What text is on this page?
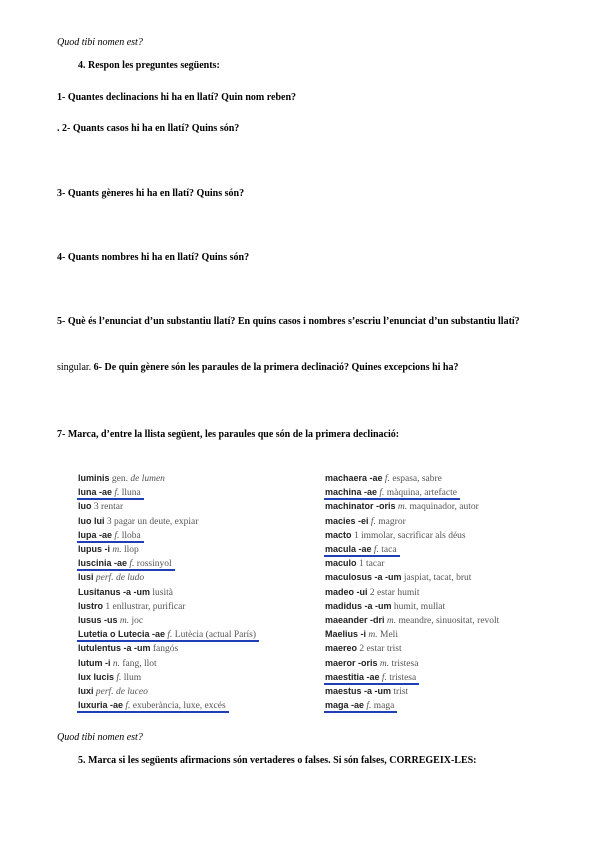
Quod tibi nomen est?
4. Respon les preguntes següents:
1- Quantes declinacions hi ha en llatí? Quin nom reben?
. 2- Quants casos hi ha en llatí? Quins són?
3- Quants gèneres hi ha en llatí? Quins són?
4- Quants nombres hi ha en llatí? Quins són?
5- Què és l’enunciat d’un substantiu llatí? En quins casos i nombres s’escriu l’enunciat d’un substantiu llatí?
singular. 6- De quin gènere són les paraules de la primera declinació? Quines excepcions hi ha?
7- Marca, d’entre la llista següent, les paraules que són de la primera declinació:
luminis gen. de lumen
luna -ae f. lluna
luo 3 rentar
luo lui 3 pagar un deute, expiar
lupa -ae f. lloba
lupus -i m. llop
luscinia -ae f. rossinyol
lusi perf. de ludo
Lusitanus -a -um lusità
lustro 1 enllustrar, purificar
lusus -us m. joc
Lutetia o Lutecia -ae f. Lutècia (actual París)
lutulentus -a -um fangós
lutum -i n. fang, llot
lux lucis f. llum
luxi perf. de luceo
luxuria -ae f. exuberància, luxe, excés
machaera -ae f. espasa, sabre
machina -ae f. màquina, artefacte
machinator -oris m. maquinador, autor
macies -ei f. magror
macto 1 immolar, sacrificar als déus
macula -ae f. taca
maculo 1 tacar
maculosus -a -um jaspiat, tacat, brut
madeo -ui 2 estar humit
madidus -a -um humit, mullat
maeander -dri m. meandre, sinuositat, revolt
Maelius -i m. Meli
maereo 2 estar trist
maeror -oris m. tristesa
maestitia -ae f. tristesa
maestus -a -um trist
maga -ae f. maga
Quod tibi nomen est?
5. Marca si les següents afirmacions són vertaderes o falses. Si són falses, CORREGEIX-LES:
